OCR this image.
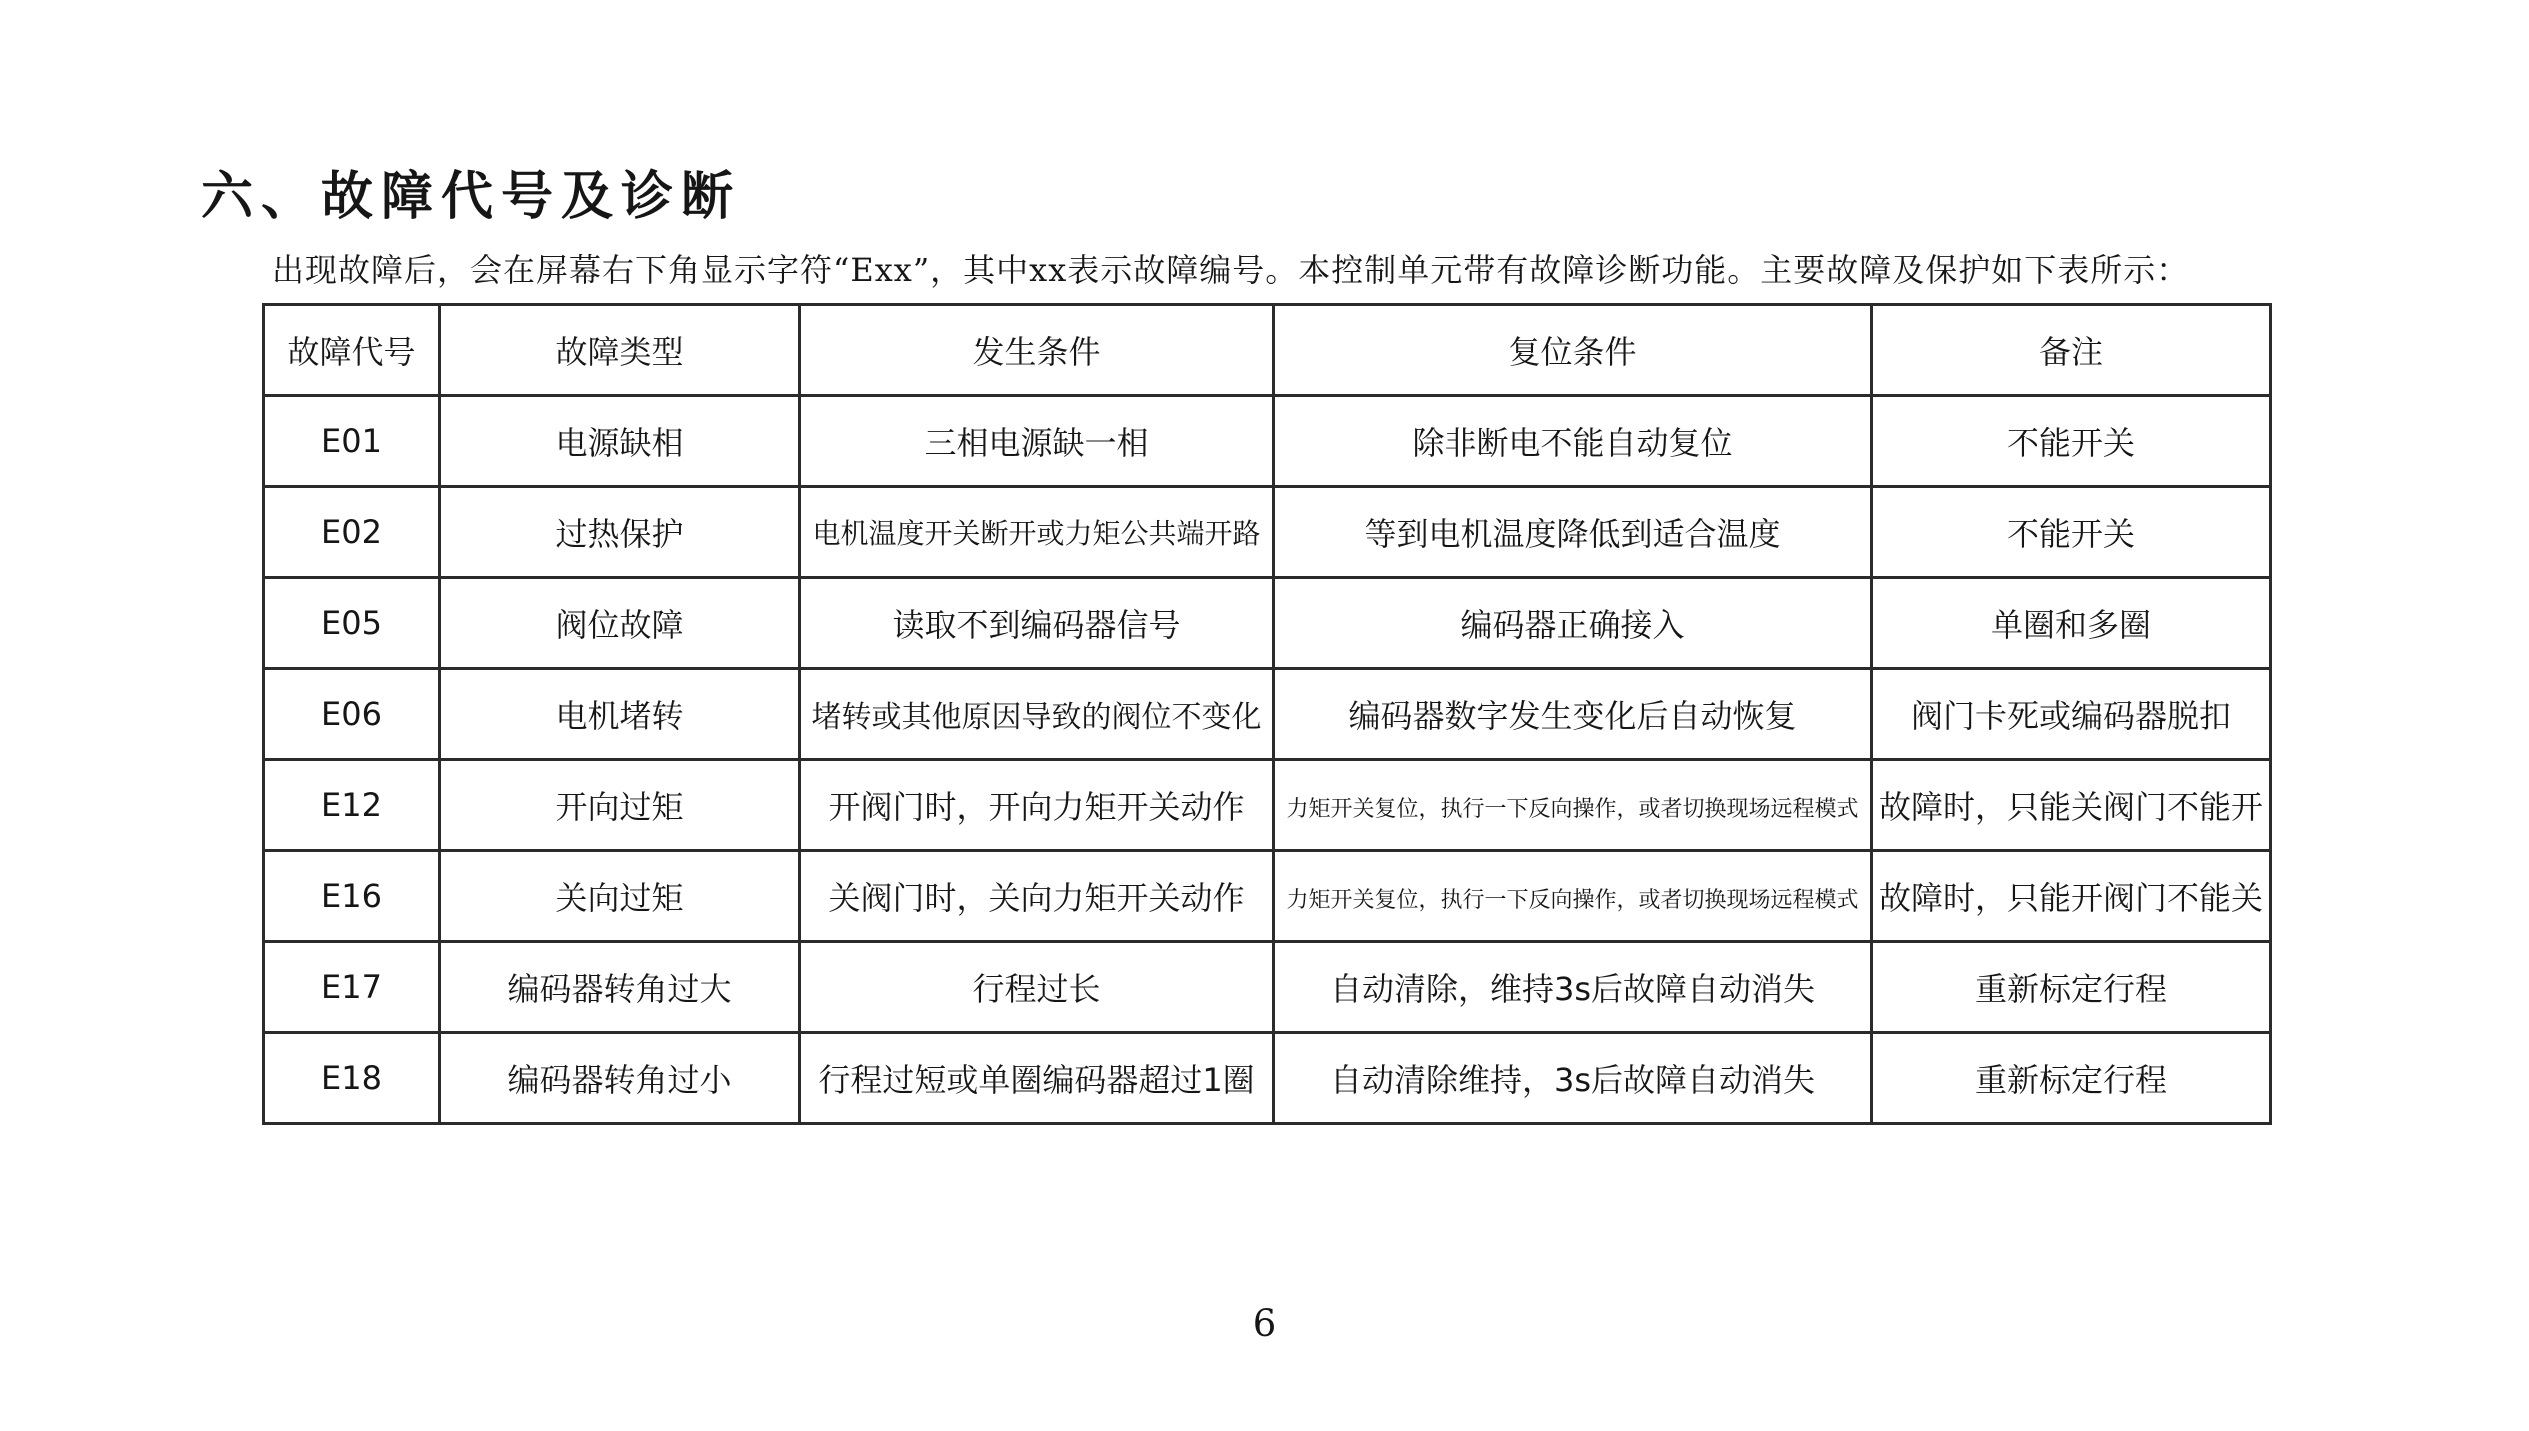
六、故障代号及诊断

出现故障后，会在屏幕右下角显示字符“Exx”，其中xx表示故障编号。本控制单元带有故障诊断功能。主要故障及保护如下表所示：

故障代号	故障类型	发生条件	复位条件	备注
E01	电源缺相	三相电源缺一相	除非断电不能自动复位	不能开关
E02	过热保护	电机温度开关断开或力矩公共端开路	等到电机温度降低到适合温度	不能开关
E05	阀位故障	读取不到编码器信号	编码器正确接入	单圈和多圈
E06	电机堵转	堵转或其他原因导致的阀位不变化	编码器数字发生变化后自动恢复	阀门卡死或编码器脱扣
E12	开向过矩	开阀门时，开向力矩开关动作	力矩开关复位，执行一下反向操作，或者切换现场远程模式	故障时，只能关阀门不能开
E16	关向过矩	关阀门时，关向力矩开关动作	力矩开关复位，执行一下反向操作，或者切换现场远程模式	故障时，只能开阀门不能关
E17	编码器转角过大	行程过长	自动清除，维持3s后故障自动消失	重新标定行程
E18	编码器转角过小	行程过短或单圈编码器超过1圈	自动清除维持，3s后故障自动消失	重新标定行程
6
